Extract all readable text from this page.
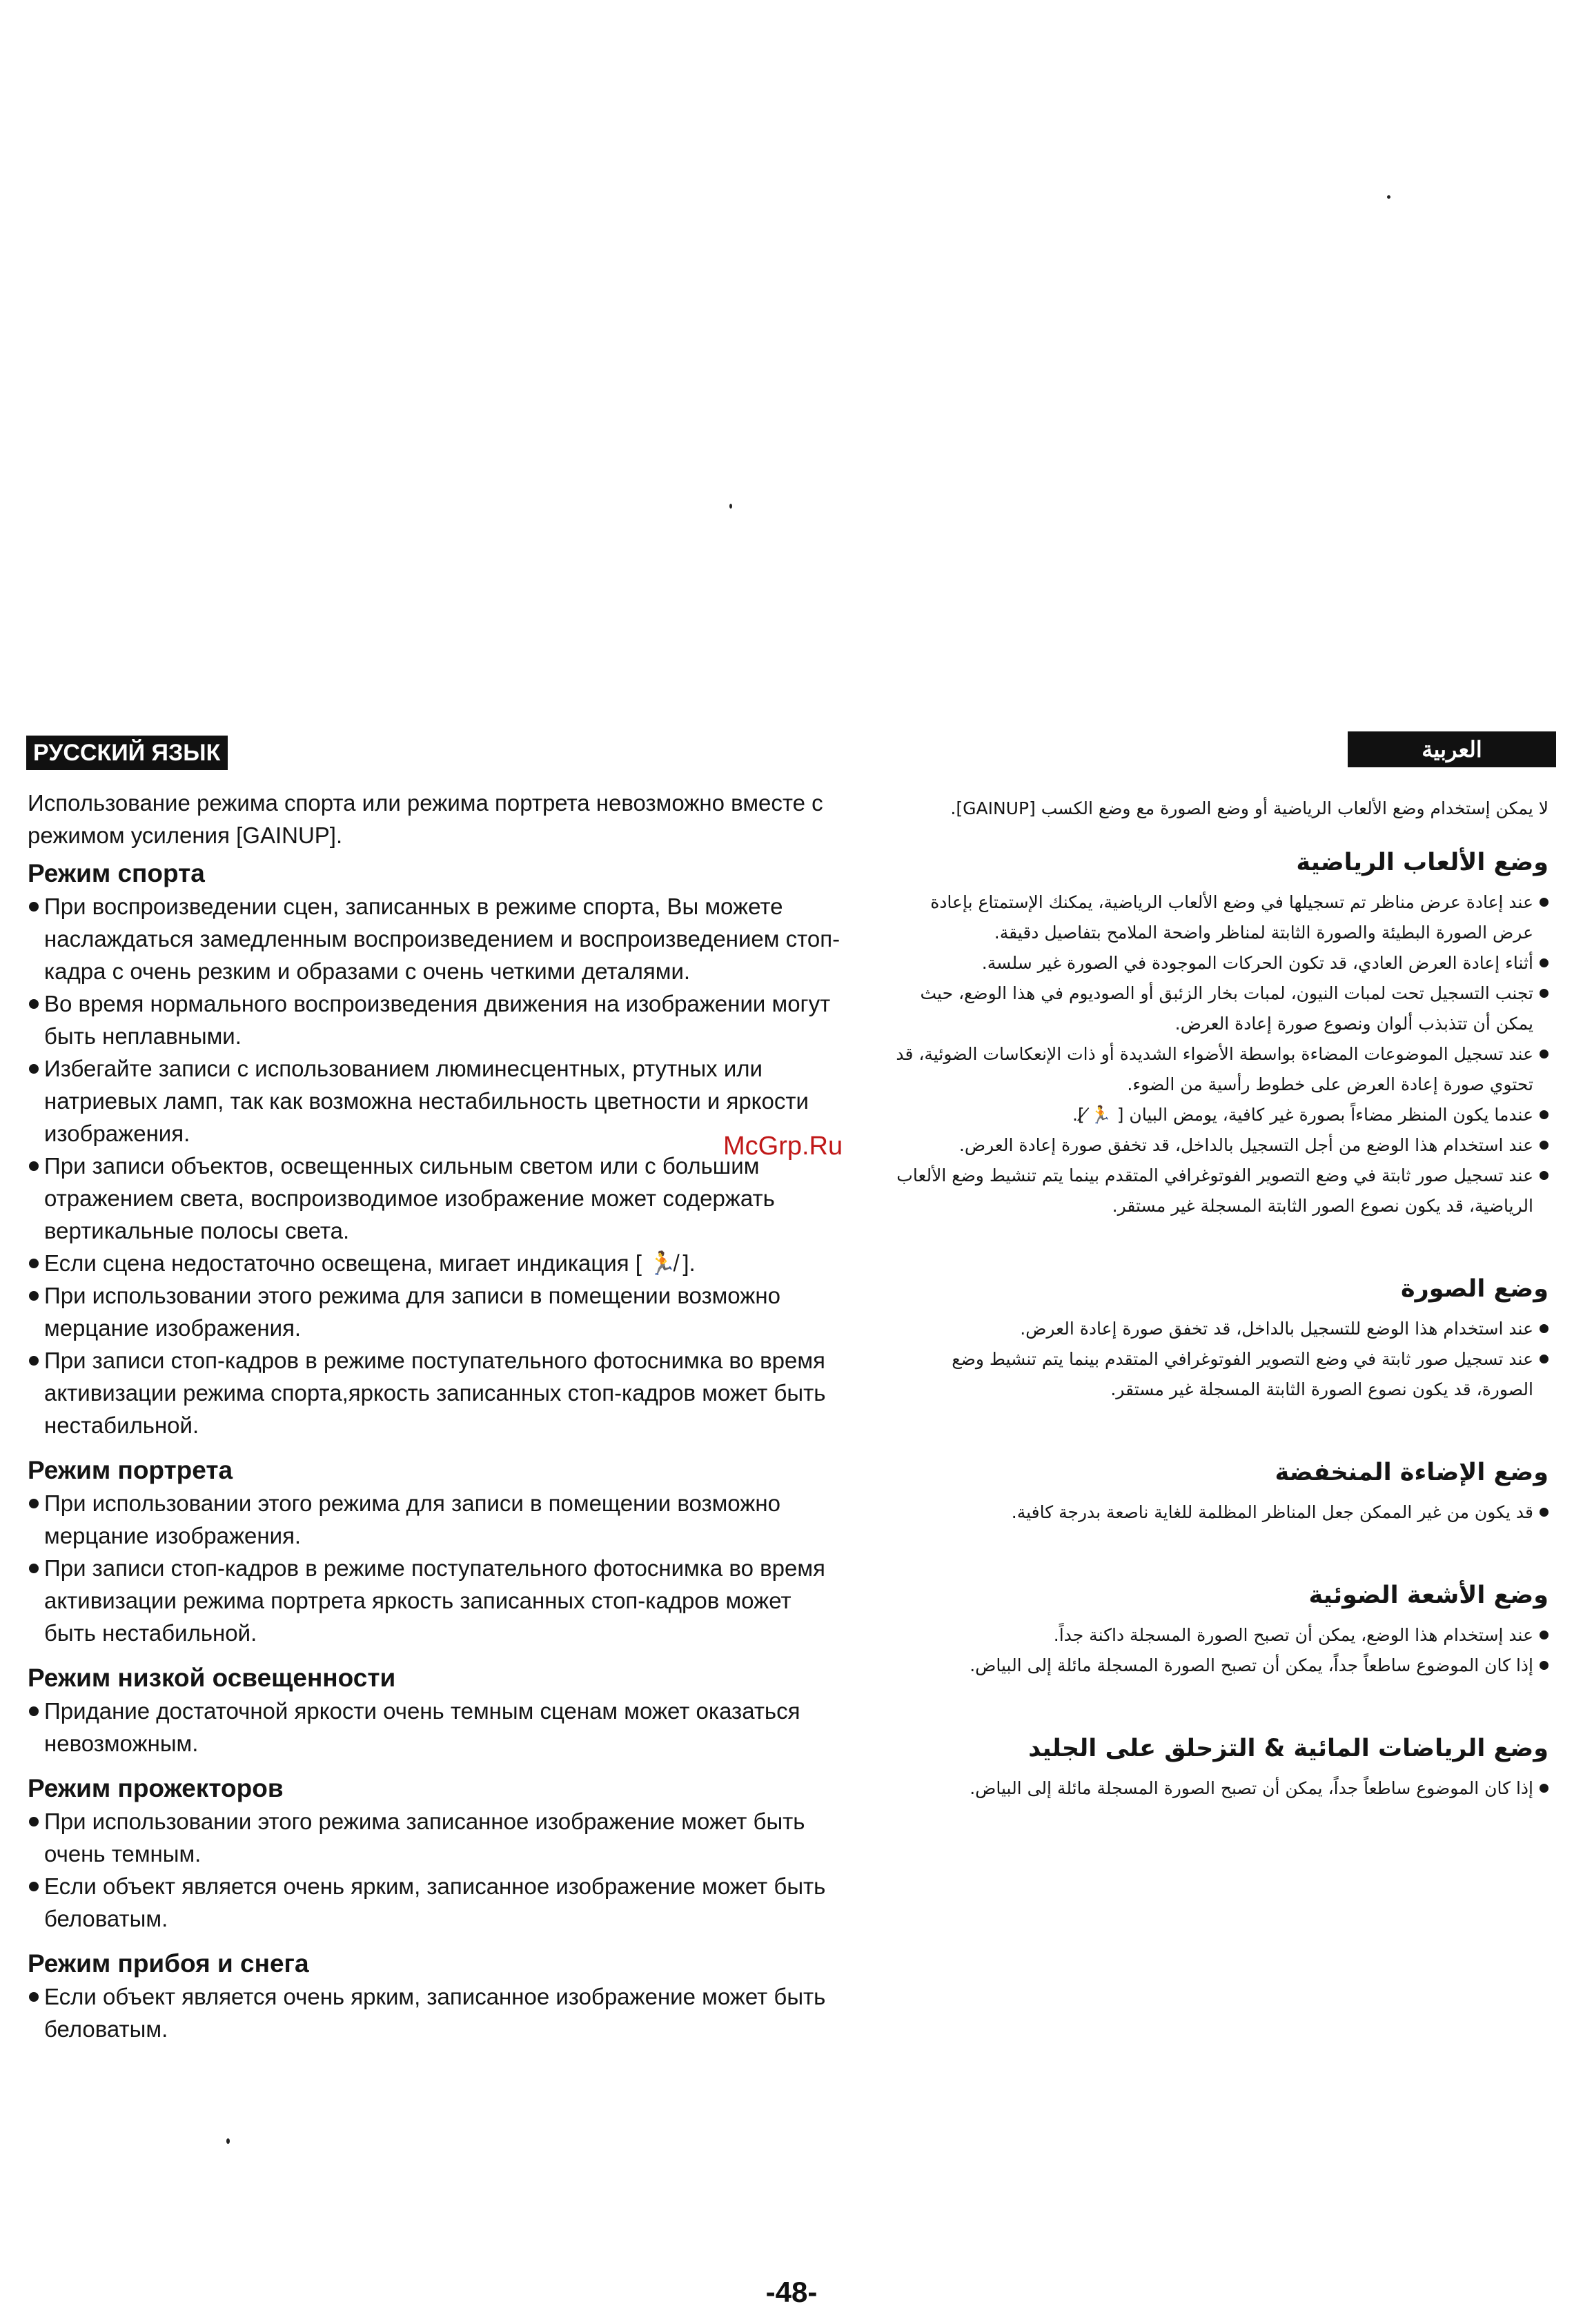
РУССКИЙ ЯЗЫК	العربية

Использование режима спорта или режима портрета невозможно вместе с режимом усиления [GAINUP].

Режим спорта
При воспроизведении сцен, записанных в режиме спорта, Вы можете наслаждаться замедленным воспроизведением и воспроизведением стоп-кадра с очень резким и образами с очень четкими деталями.
Во время нормального воспроизведения движения на изображении могут быть неплавными.
Избегайте записи с использованием люминесцентных, ртутных или натриевых ламп, так как возможна нестабильность цветности и яркости изображения.
При записи объектов, освещенных сильным светом или с большим отражением света, воспроизводимое изображение может содержать вертикальные полосы света.
Если сцена недостаточно освещена, мигает индикация [ 🏃̸ ].
При использовании этого режима для записи в помещении возможно мерцание изображения.
При записи стоп-кадров в режиме поступательного фотоснимка во время активизации режима спорта,яркость записанных стоп-кадров может быть нестабильной.
Режим портрета
При использовании этого режима для записи в помещении возможно мерцание изображения.
При записи стоп-кадров в режиме поступательного фотоснимка во время активизации режима портрета яркость записанных стоп-кадров может быть нестабильной.
Режим низкой освещенности
Придание достаточной яркости очень темным сценам может оказаться невозможным.
Режим прожекторов
При использовании этого режима записанное изображение может быть очень темным.
Если объект является очень ярким, записанное изображение может быть беловатым.
Режим прибоя и снега
Если объект является очень ярким, записанное изображение может быть беловатым.

لا يمكن إستخدام وضع الألعاب الرياضية أو وضع الصورة مع وضع الكسب [GAINUP].

وضع الألعاب الرياضية
عند إعادة عرض مناظر تم تسجيلها في وضع الألعاب الرياضية، يمكنك الإستمتاع بإعادة عرض الصورة البطيئة والصورة الثابتة لمناظر واضحة الملامح بتفاصيل دقيقة.
أثناء إعادة العرض العادي، قد تكون الحركات الموجودة في الصورة غير سلسة.
تجنب التسجيل تحت لمبات النيون، لمبات بخار الزئبق أو الصوديوم في هذا الوضع، حيث يمكن أن تتذبذب ألوان ونصوع صورة إعادة العرض.
عند تسجيل الموضوعات المضاءة بواسطة الأضواء الشديدة أو ذات الإنعكاسات الضوئية، قد تحتوي صورة إعادة العرض على خطوط رأسية من الضوء.
عندما يكون المنظر مضاءاً بصورة غير كافية، يومض البيان [ 🏃̸ ].
عند استخدام هذا الوضع من أجل التسجيل بالداخل، قد تخفق صورة إعادة العرض.
عند تسجيل صور ثابتة في وضع التصوير الفوتوغرافي المتقدم بينما يتم تنشيط وضع الألعاب الرياضية، قد يكون نصوع الصور الثابتة المسجلة غير مستقر.
وضع الصورة
عند استخدام هذا الوضع للتسجيل بالداخل، قد تخفق صورة إعادة العرض.
عند تسجيل صور ثابتة في وضع التصوير الفوتوغرافي المتقدم بينما يتم تنشيط وضع الصورة، قد يكون نصوع الصورة الثابتة المسجلة غير مستقر.
وضع الإضاءة المنخفضة
قد يكون من غير الممكن جعل المناظر المظلمة للغاية ناصعة بدرجة كافية.
وضع الأشعة الضوئية
عند إستخدام هذا الوضع، يمكن أن تصبح الصورة المسجلة داكنة جداً.
إذا كان الموضوع ساطعاً جداً، يمكن أن تصبح الصورة المسجلة مائلة إلى البياض.
وضع الرياضات المائية & التزحلق على الجليد
إذا كان الموضوع ساطعاً جداً، يمكن أن تصبح الصورة المسجلة مائلة إلى البياض.
McGrp.Ru
-48-
